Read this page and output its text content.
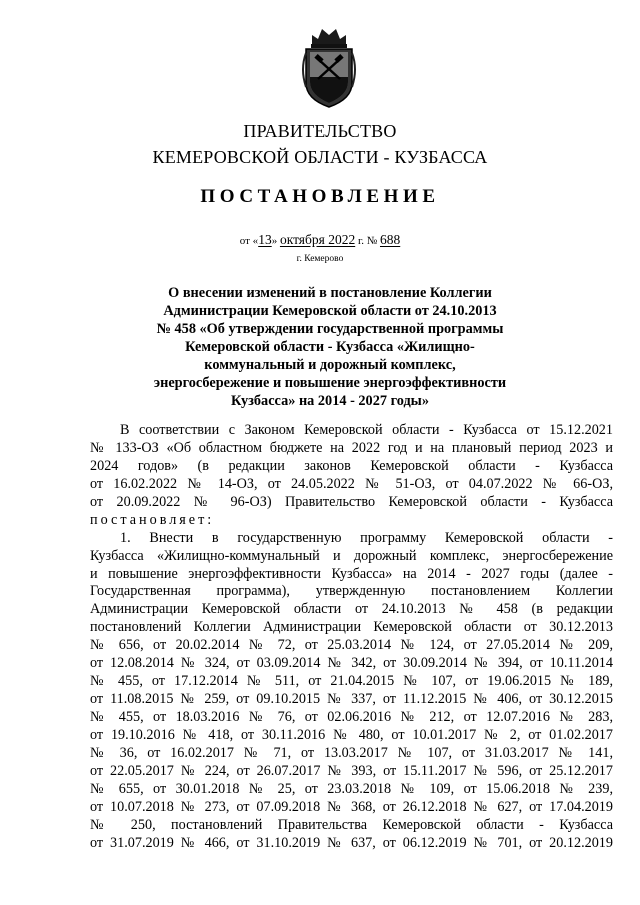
ПРАВИТЕЛЬСТВО
КЕМЕРОВСКОЙ ОБЛАСТИ - КУЗБАССА
ПОСТАНОВЛЕНИЕ
от «13» октября 2022 г. № 688
г. Кемерово
О внесении изменений в постановление Коллегии
Администрации Кемеровской области от 24.10.2013
№ 458 «Об утверждении государственной программы
Кемеровской области - Кузбасса «Жилищно-
коммунальный и дорожный комплекс,
энергосбережение и повышение энергоэффективности
Кузбасса» на 2014 - 2027 годы»
В соответствии с Законом Кемеровской области - Кузбасса от 15.12.2021
№ 133-ОЗ «Об областном бюджете на 2022 год и на плановый период 2023 и
2024 годов» (в редакции законов Кемеровской области - Кузбасса
от 16.02.2022 № 14-ОЗ, от 24.05.2022 № 51-ОЗ, от 04.07.2022 № 66-ОЗ,
от 20.09.2022 № 96-ОЗ) Правительство Кемеровской области - Кузбасса
постановляет:
1. Внести в государственную программу Кемеровской области -
Кузбасса «Жилищно-коммунальный и дорожный комплекс, энергосбережение
и повышение энергоэффективности Кузбасса» на 2014 - 2027 годы (далее -
Государственная программа), утвержденную постановлением Коллегии
Администрации Кемеровской области от 24.10.2013 № 458 (в редакции
постановлений Коллегии Администрации Кемеровской области от 30.12.2013
№ 656, от 20.02.2014 № 72, от 25.03.2014 № 124, от 27.05.2014 № 209,
от 12.08.2014 № 324, от 03.09.2014 № 342, от 30.09.2014 № 394, от 10.11.2014
№ 455, от 17.12.2014 № 511, от 21.04.2015 № 107, от 19.06.2015 № 189,
от 11.08.2015 № 259, от 09.10.2015 № 337, от 11.12.2015 № 406, от 30.12.2015
№ 455, от 18.03.2016 № 76, от 02.06.2016 № 212, от 12.07.2016 № 283,
от 19.10.2016 № 418, от 30.11.2016 № 480, от 10.01.2017 № 2, от 01.02.2017
№ 36, от 16.02.2017 № 71, от 13.03.2017 № 107, от 31.03.2017 № 141,
от 22.05.2017 № 224, от 26.07.2017 № 393, от 15.11.2017 № 596, от 25.12.2017
№ 655, от 30.01.2018 № 25, от 23.03.2018 № 109, от 15.06.2018 № 239,
от 10.07.2018 № 273, от 07.09.2018 № 368, от 26.12.2018 № 627, от 17.04.2019
№ 250, постановлений Правительства Кемеровской области - Кузбасса
от 31.07.2019 № 466, от 31.10.2019 № 637, от 06.12.2019 № 701, от 20.12.2019
